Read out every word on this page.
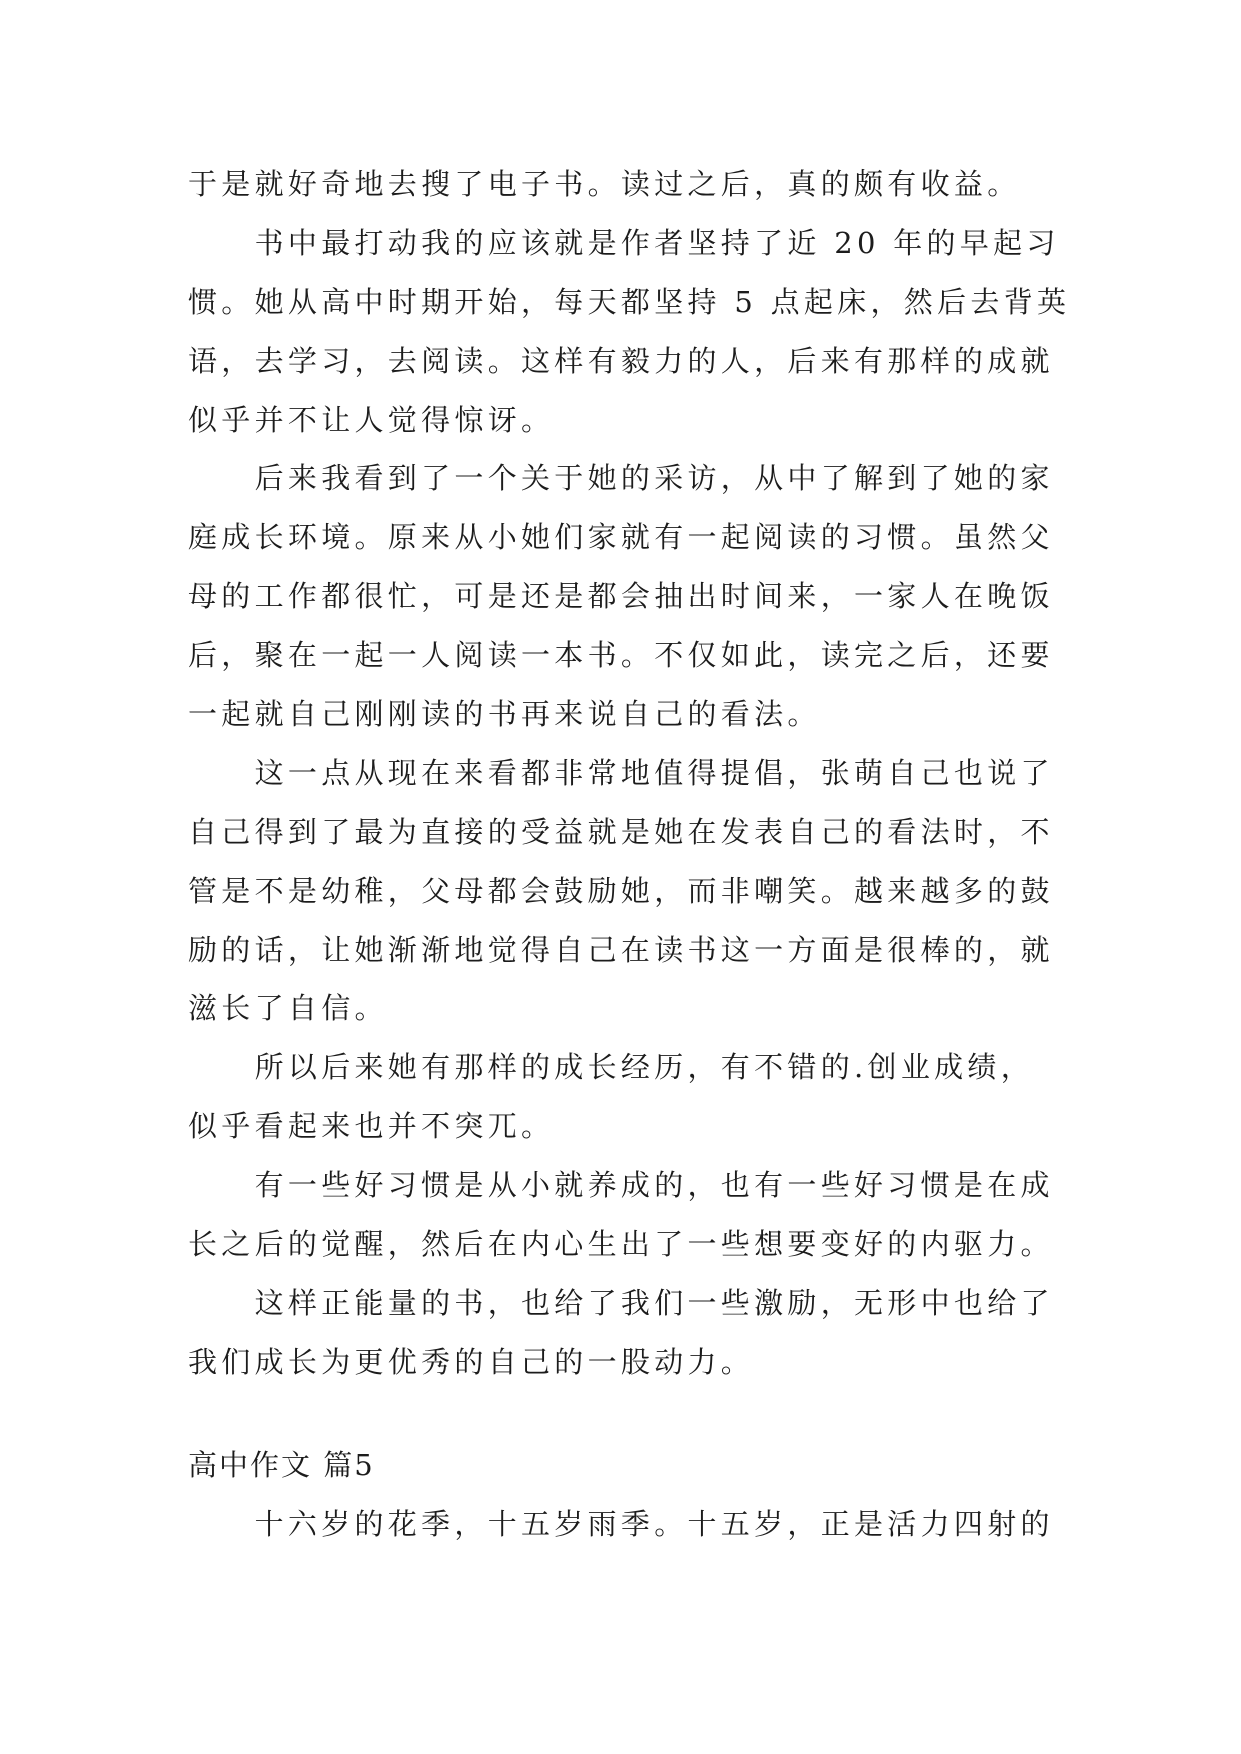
于是就好奇地去搜了电子书。读过之后，真的颇有收益。

书中最打动我的应该就是作者坚持了近 20 年的早起习
惯。她从高中时期开始，每天都坚持 5 点起床，然后去背英
语，去学习，去阅读。这样有毅力的人，后来有那样的成就
似乎并不让人觉得惊讶。

后来我看到了一个关于她的采访，从中了解到了她的家
庭成长环境。原来从小她们家就有一起阅读的习惯。虽然父
母的工作都很忙，可是还是都会抽出时间来，一家人在晚饭
后，聚在一起一人阅读一本书。不仅如此，读完之后，还要
一起就自己刚刚读的书再来说自己的看法。

这一点从现在来看都非常地值得提倡，张萌自己也说了
自己得到了最为直接的受益就是她在发表自己的看法时，不
管是不是幼稚，父母都会鼓励她，而非嘲笑。越来越多的鼓
励的话，让她渐渐地觉得自己在读书这一方面是很棒的，就
滋长了自信。

所以后来她有那样的成长经历，有不错的.创业成绩，
似乎看起来也并不突兀。

有一些好习惯是从小就养成的，也有一些好习惯是在成
长之后的觉醒，然后在内心生出了一些想要变好的内驱力。

这样正能量的书，也给了我们一些激励，无形中也给了
我们成长为更优秀的自己的一股动力。

高中作文 篇5

十六岁的花季，十五岁雨季。十五岁，正是活力四射的
